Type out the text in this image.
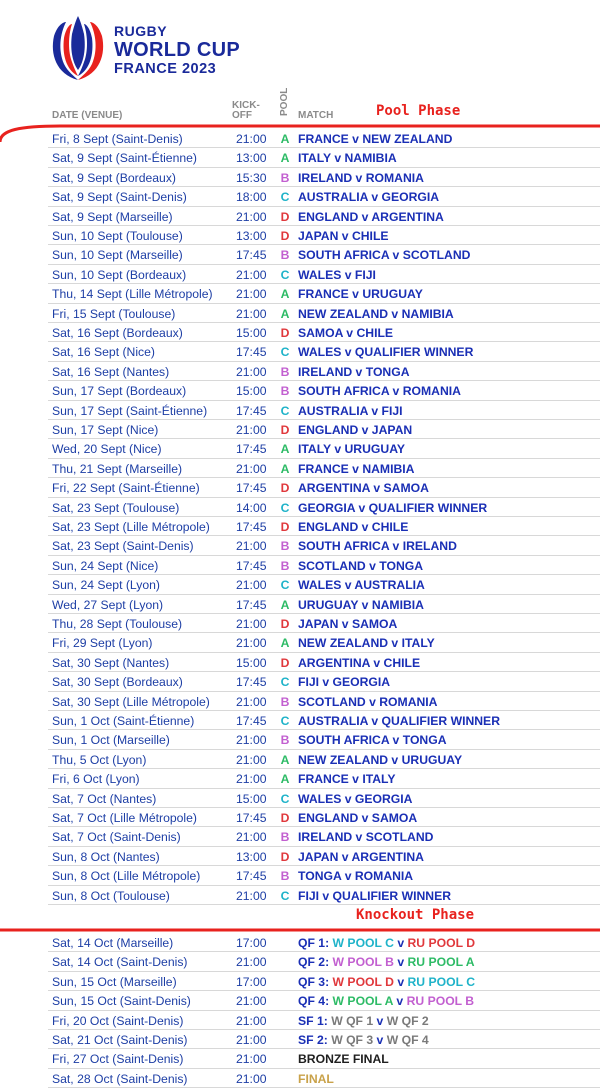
RUGBY
WORLD CUP
FRANCE 2023
DATE (VENUE)
KICK-
OFF	POOL MATCH	Pool Phase
Fri, 8 Sept (Saint-Denis)	21:00 A FRANCE v NEW ZEALAND
Sat, 9 Sept (Saint-Étienne)	13:00 A ITALY v NAMIBIA
Sat, 9 Sept (Bordeaux)	15:30 B IRELAND v ROMANIA
Sat, 9 Sept (Saint-Denis)	18:00 C AUSTRALIA v GEORGIA
Sat, 9 Sept (Marseille)	21:00 D ENGLAND v ARGENTINA
Sun, 10 Sept (Toulouse)	13:00 D JAPAN v CHILE
Sun, 10 Sept (Marseille)	17:45 B SOUTH AFRICA v SCOTLAND
Sun, 10 Sept (Bordeaux)	21:00 C WALES v FIJI
Thu, 14 Sept (Lille Métropole) 21:00 A FRANCE v URUGUAY
Fri, 15 Sept (Toulouse)	21:00 A NEW ZEALAND v NAMIBIA
Sat, 16 Sept (Bordeaux)	15:00 D SAMOA v CHILE
Sat, 16 Sept (Nice)	17:45 C WALES v QUALIFIER WINNER
Sat, 16 Sept (Nantes)	21:00 B IRELAND v TONGA
Sun, 17 Sept (Bordeaux)	15:00 B SOUTH AFRICA v ROMANIA
Sun, 17 Sept (Saint-Étienne) 17:45 C AUSTRALIA v FIJI
Sun, 17 Sept (Nice)	21:00 D ENGLAND v JAPAN
Wed, 20 Sept (Nice)	17:45 A ITALY v URUGUAY
Thu, 21 Sept (Marseille)	21:00 A FRANCE v NAMIBIA
Fri, 22 Sept (Saint-Étienne)	17:45 D ARGENTINA v SAMOA
Sat, 23 Sept (Toulouse)	14:00 C GEORGIA v QUALIFIER WINNER
Sat, 23 Sept (Lille Métropole) 17:45 D ENGLAND v CHILE
Sat, 23 Sept (Saint-Denis)	21:00 B SOUTH AFRICA v IRELAND
Sun, 24 Sept (Nice)	17:45 B SCOTLAND v TONGA
Sun, 24 Sept (Lyon)	21:00 C WALES v AUSTRALIA
Wed, 27 Sept (Lyon)	17:45 A URUGUAY v NAMIBIA
Thu, 28 Sept (Toulouse)	21:00 D JAPAN v SAMOA
Fri, 29 Sept (Lyon)	21:00 A NEW ZEALAND v ITALY
Sat, 30 Sept (Nantes)	15:00 D ARGENTINA v CHILE
Sat, 30 Sept (Bordeaux)	17:45 C FIJI v GEORGIA
Sat, 30 Sept (Lille Métropole) 21:00 B SCOTLAND v ROMANIA
Sun, 1 Oct (Saint-Étienne)	17:45 C AUSTRALIA v QUALIFIER WINNER
Sun, 1 Oct (Marseille)	21:00 B SOUTH AFRICA v TONGA
Thu, 5 Oct (Lyon)	21:00 A NEW ZEALAND v URUGUAY
Fri, 6 Oct (Lyon)	21:00 A FRANCE v ITALY
Sat, 7 Oct (Nantes)	15:00 C WALES v GEORGIA
Sat, 7 Oct (Lille Métropole)	17:45 D ENGLAND v SAMOA
Sat, 7 Oct (Saint-Denis)	21:00 B IRELAND v SCOTLAND
Sun, 8 Oct (Nantes)	13:00 D JAPAN v ARGENTINA
Sun, 8 Oct (Lille Métropole)	17:45 B TONGA v ROMANIA
Sun, 8 Oct (Toulouse)	21:00 C FIJI v QUALIFIER WINNER
Knockout Phase
Sat, 14 Oct (Marseille)	17:00	QF 1: W POOL C v RU POOL D
Sat, 14 Oct (Saint-Denis)	21:00	QF 2: W POOL B v RU POOL A
Sun, 15 Oct (Marseille)	17:00	QF 3: W POOL D v RU POOL C
Sun, 15 Oct (Saint-Denis)	21:00	QF 4: W POOL A v RU POOL B
Fri, 20 Oct (Saint-Denis)	21:00	SF 1: W QF 1 v W QF 2
Sat, 21 Oct (Saint-Denis)	21:00	SF 2: W QF 3 v W QF 4
Fri, 27 Oct (Saint-Denis)	21:00	BRONZE FINAL
Sat, 28 Oct (Saint-Denis)	21:00	FINAL
